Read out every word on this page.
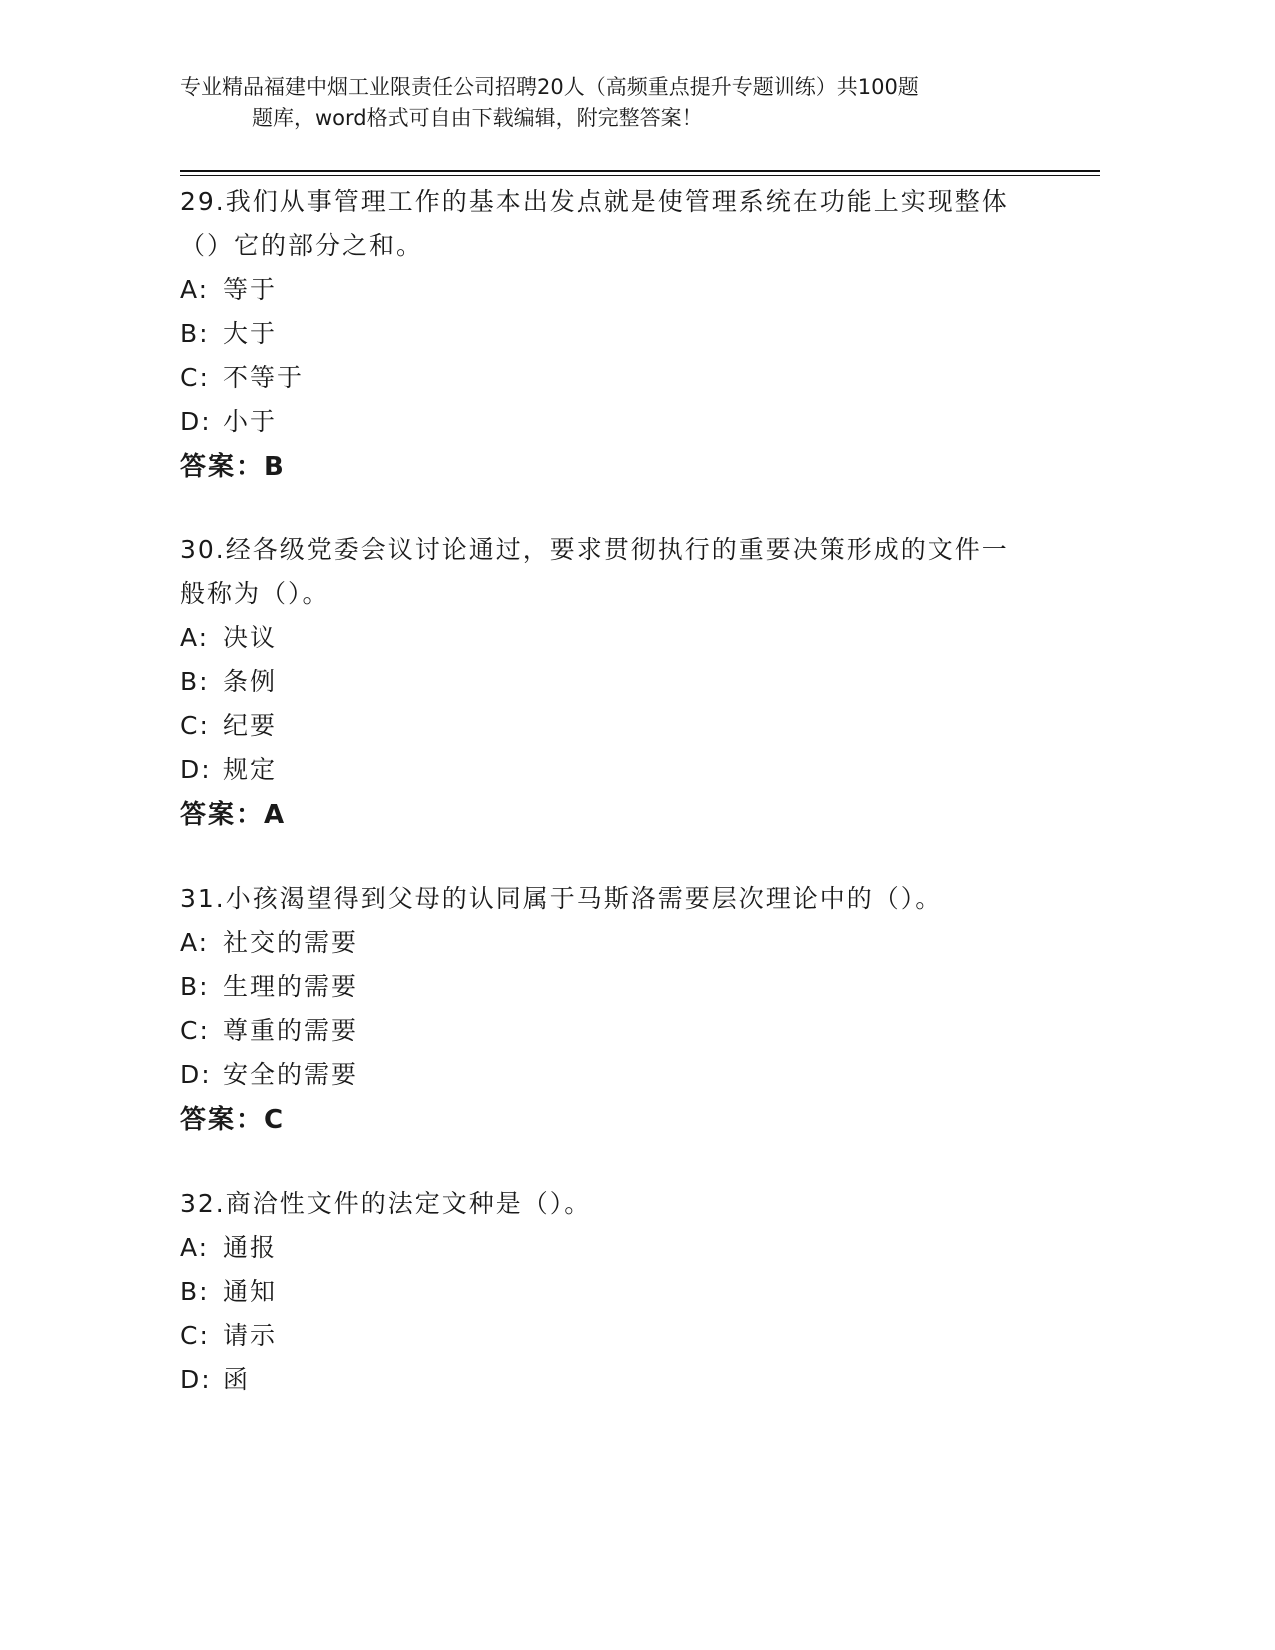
专业精品福建中烟工业限责任公司招聘20人（高频重点提升专题训练）共100题
题库，word格式可自由下载编辑，附完整答案！
29.我们从事管理工作的基本出发点就是使管理系统在功能上实现整体
（）它的部分之和。
A: 等于
B: 大于
C: 不等于
D: 小于
答案：B
30.经各级党委会议讨论通过，要求贯彻执行的重要决策形成的文件一
般称为（）。
A: 决议
B: 条例
C: 纪要
D: 规定
答案：A
31.小孩渴望得到父母的认同属于马斯洛需要层次理论中的（）。
A: 社交的需要
B: 生理的需要
C: 尊重的需要
D: 安全的需要
答案：C
32.商洽性文件的法定文种是（）。
A: 通报
B: 通知
C: 请示
D: 函
